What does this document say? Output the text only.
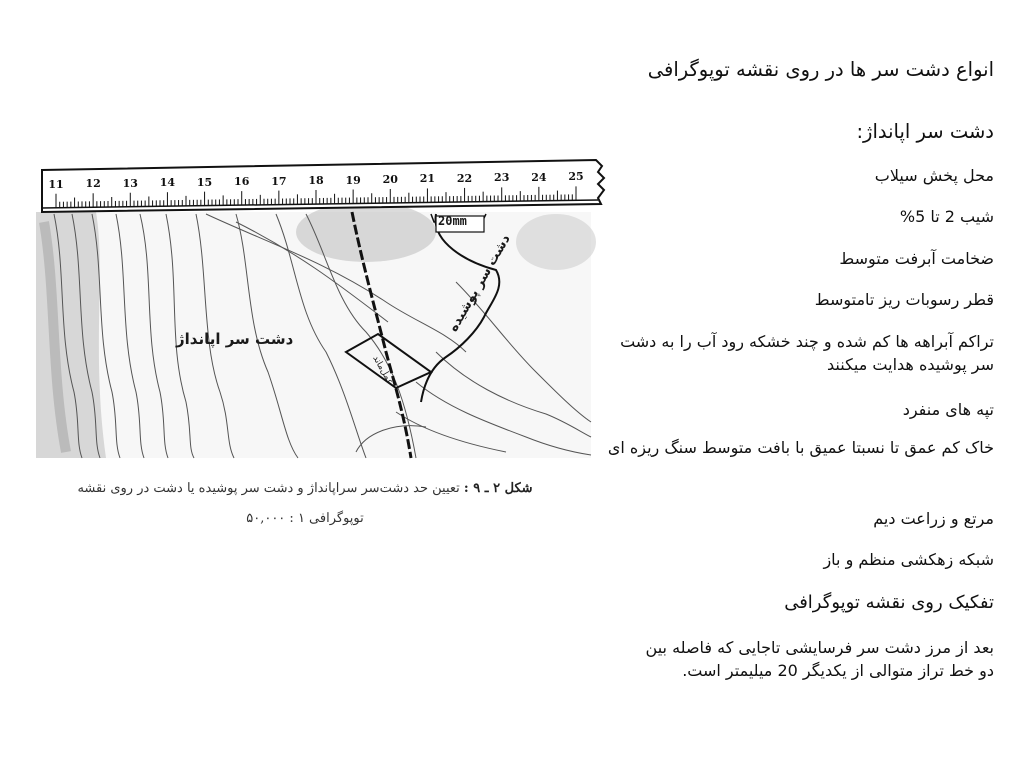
انواع دشت سر ها در روی نقشه توپوگرافی
دشت سر اپانداژ:

محل پخش سیلاب

شیب 2 تا 5%

ضخامت آبرفت متوسط

قطر رسوبات ریز تامتوسط

تراکم آبراهه ها کم شده و چند خشکه رود آب را به دشت سر پوشیده هدایت میکنند

تپه های منفرد

خاک کم عمق تا نسبتا عمیق با بافت متوسط سنگ ریزه ای

مرتع و زراعت دیم

شبکه زهکشی منظم و باز

تفکیک روی نقشه توپوگرافی

بعد از مرز دشت سر فرسایشی تاجایی که فاصله بین دو خط تراز متوالی از یکدیگر 20 میلیمتر است.

11 12 13 14 15 16 17 18 19 20 21 22 23 24 25
20mm
دشت سر اپانداژ
دشت سر پوشیده
عمل‌ماند
شکل ۲ ـ ۹ : تعیین حد دشت‌سر سراپانداژ و دشت سر پوشیده یا دشت در روی نقشه
توپوگرافی ۱ : ۵۰,۰۰۰
